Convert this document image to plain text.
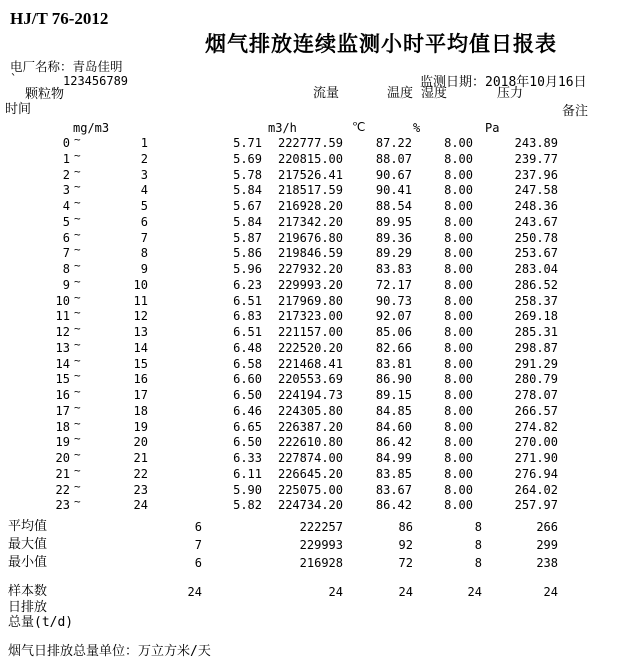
HJ/T 76-2012
烟气排放连续监测小时平均值日报表
电厂名称：青岛佳明
`	123456789	监测日期：2018年10月16日
颗粒物
时间
流量	温度 湿度	压力
备注
mg/m3	m3/h	℃	%	Pa
0 ~	1	5.71	222777.59	87.22	8.00	243.89
1 ~	2	5.69	220815.00	88.07	8.00	239.77
2 ~	3	5.78	217526.41	90.67	8.00	237.96
3 ~	4	5.84	218517.59	90.41	8.00	247.58
4 ~	5	5.67	216928.20	88.54	8.00	248.36
5 ~	6	5.84	217342.20	89.95	8.00	243.67
6 ~	7	5.87	219676.80	89.36	8.00	250.78
7 ~	8	5.86	219846.59	89.29	8.00	253.67
8 ~	9	5.96	227932.20	83.83	8.00	283.04
9 ~	10	6.23	229993.20	72.17	8.00	286.52
10 ~	11	6.51	217969.80	90.73	8.00	258.37
11 ~	12	6.83	217323.00	92.07	8.00	269.18
12 ~	13	6.51	221157.00	85.06	8.00	285.31
13 ~	14	6.48	222520.20	82.66	8.00	298.87
14 ~	15	6.58	221468.41	83.81	8.00	291.29
15 ~	16	6.60	220553.69	86.90	8.00	280.79
16 ~	17	6.50	224194.73	89.15	8.00	278.07
17 ~	18	6.46	224305.80	84.85	8.00	266.57
18 ~	19	6.65	226387.20	84.60	8.00	274.82
19 ~	20	6.50	222610.80	86.42	8.00	270.00
20 ~	21	6.33	227874.00	84.99	8.00	271.90
21 ~	22	6.11	226645.20	83.85	8.00	276.94
22 ~	23	5.90	225075.00	83.67	8.00	264.02
23 ~	24	5.82	224734.20	86.42	8.00	257.97
平均值	6	222257	86	8	266
最大值	7	229993	92	8	299
最小值	6	216928	72	8	238
样本数	24	24	24	24	24
日排放
总量(t/d)
烟气日排放总量单位：万立方米/天
